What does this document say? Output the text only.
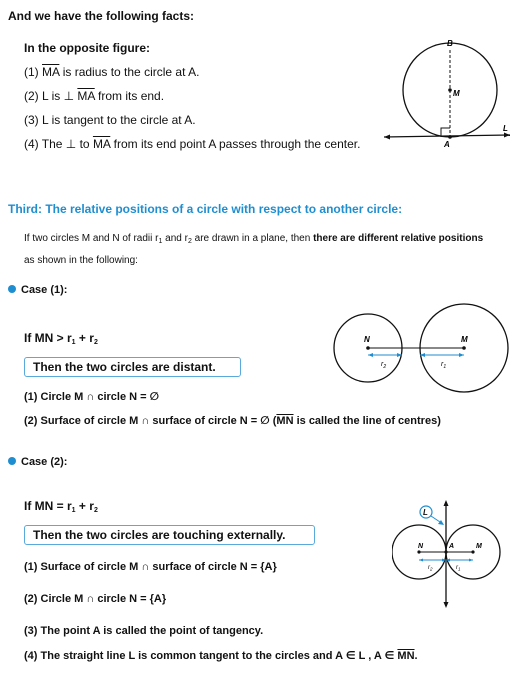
And we have the following facts:
In the opposite figure:
(1) $\overline{MA}$ is radius to the circle at A.
(2) L is ⊥ $\overline{MA}$ from its end.
(3) L is tangent to the circle at A.
(4) The ⊥ to $\overline{MA}$ from its end point A passes through the center.
B
M
A
L
Third: The relative positions of a circle with respect to another circle:
If two circles M and N of radii $r_1$ and $r_2$ are drawn in a plane, then there are different relative positions
as shown in the following:
Case (1):
If MN > $r_1 + r_2$
Then the two circles are distant.
(1) Circle M ∩ circle N = ∅
(2) Surface of circle M ∩ surface of circle N = ∅ ($\overline{MN}$ is called the line of centres)
N	M
$r_2$	$r_1$
Case (2):
If MN = $r_1 + r_2$
Then the two circles are touching externally.
(1) Surface of circle M ∩ surface of circle N = {A}
(2) Circle M ∩ circle N = {A}
(3) The point A is called the point of tangency.
(4) The straight line L is common tangent to the circles and A ∈ L , A ∈ $\overline{MN}$.
L
N	A	M
$r_2$	$r_1$
